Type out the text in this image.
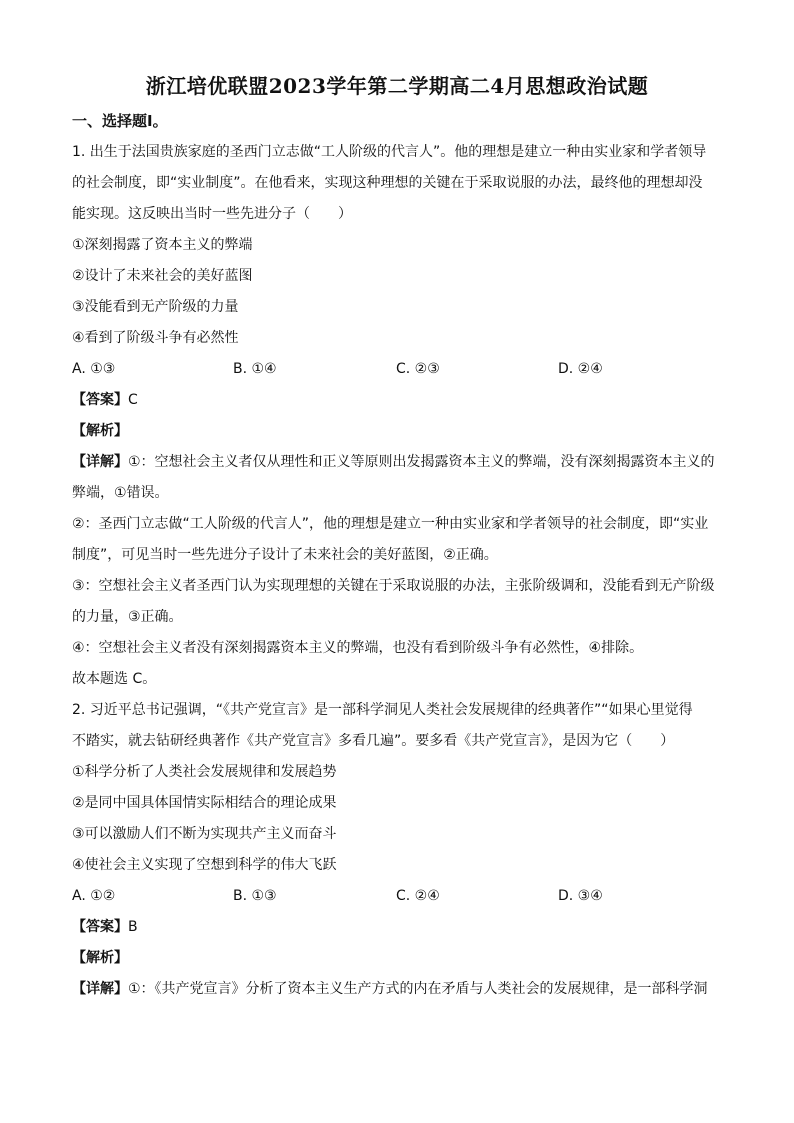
浙江培优联盟2023学年第二学期高二4月思想政治试题
一、选择题Ⅰ。
1. 出生于法国贵族家庭的圣西门立志做“工人阶级的代言人”。他的理想是建立一种由实业家和学者领导
的社会制度，即“实业制度”。在他看来，实现这种理想的关键在于采取说服的办法，最终他的理想却没
能实现。这反映出当时一些先进分子（　　）
①深刻揭露了资本主义的弊端
②设计了未来社会的美好蓝图
③没能看到无产阶级的力量
④看到了阶级斗争有必然性
A. ①③	B. ①④	C. ②③	D. ②④
【答案】C
【解析】
【详解】①：空想社会主义者仅从理性和正义等原则出发揭露资本主义的弊端，没有深刻揭露资本主义的
弊端，①错误。
②：圣西门立志做“工人阶级的代言人”，他的理想是建立一种由实业家和学者领导的社会制度，即“实业
制度”，可见当时一些先进分子设计了未来社会的美好蓝图，②正确。
③：空想社会主义者圣西门认为实现理想的关键在于采取说服的办法，主张阶级调和，没能看到无产阶级
的力量，③正确。
④：空想社会主义者没有深刻揭露资本主义的弊端，也没有看到阶级斗争有必然性，④排除。
故本题选 C。
2. 习近平总书记强调，“《共产党宣言》是一部科学洞见人类社会发展规律的经典著作”“如果心里觉得
不踏实，就去钻研经典著作《共产党宣言》多看几遍”。要多看《共产党宣言》，是因为它（　　）
①科学分析了人类社会发展规律和发展趋势
②是同中国具体国情实际相结合的理论成果
③可以激励人们不断为实现共产主义而奋斗
④使社会主义实现了空想到科学的伟大飞跃
A. ①②	B. ①③	C. ②④	D. ③④
【答案】B
【解析】
【详解】①：《共产党宣言》分析了资本主义生产方式的内在矛盾与人类社会的发展规律，是一部科学洞
